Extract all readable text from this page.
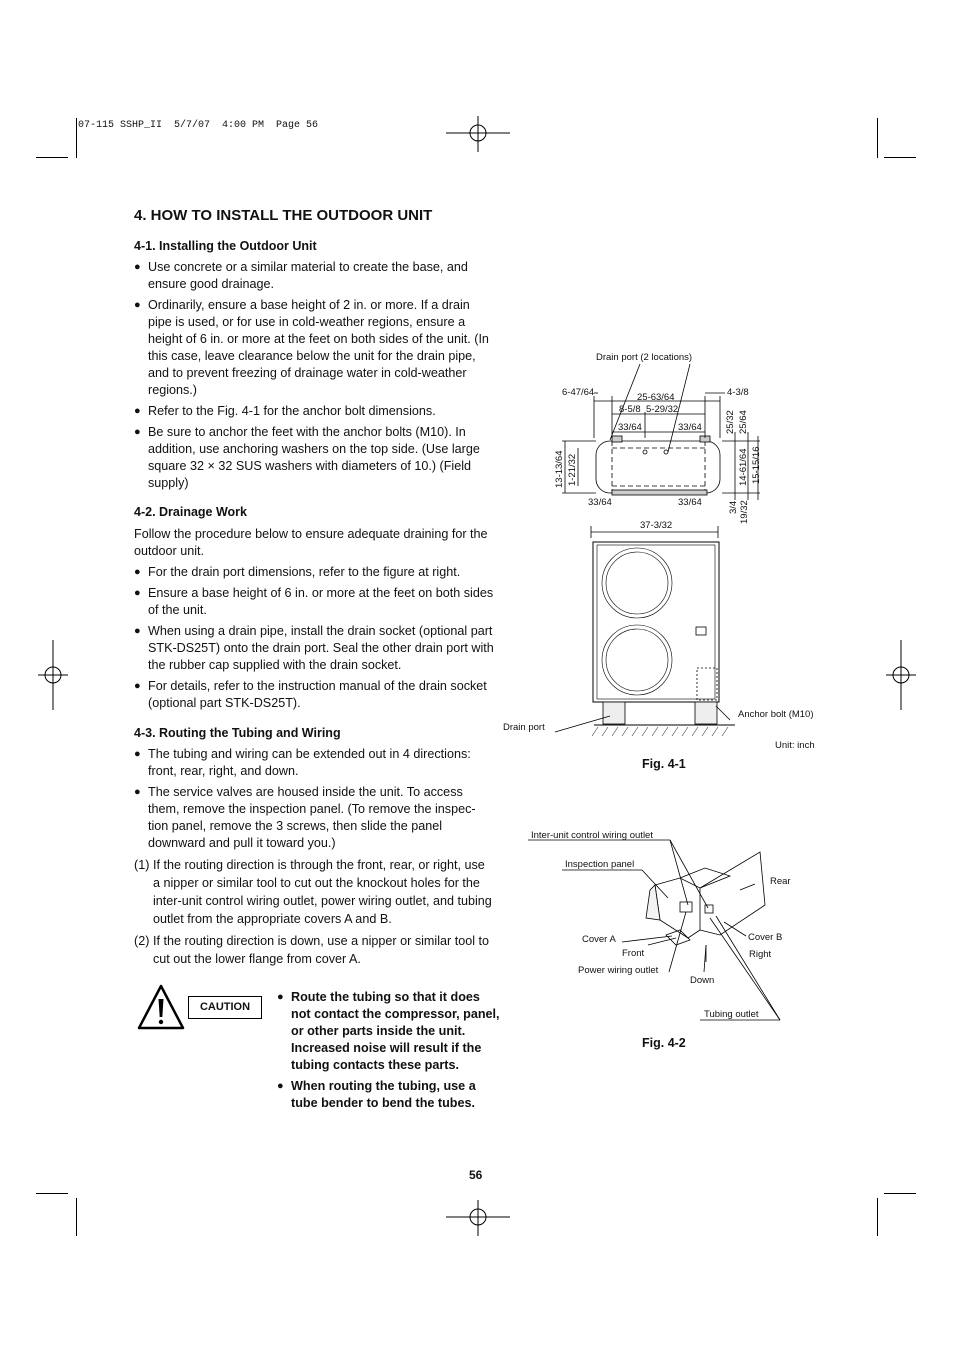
07-115 SSHP_II  5/7/07  4:00 PM  Page 56
4. HOW TO INSTALL THE OUTDOOR UNIT
4-1. Installing the Outdoor Unit

● Use concrete or a similar material to create the base, and ensure good drainage.

● Ordinarily, ensure a base height of 2 in. or more. If a drain pipe is used, or for use in cold-weather regions, ensure a height of 6 in. or more at the feet on both sides of the unit. (In this case, leave clearance below the unit for the drain pipe, and to prevent freezing of drainage water in cold-weather regions.)

● Refer to the Fig. 4-1 for the anchor bolt dimensions.

● Be sure to anchor the feet with the anchor bolts (M10). In addition, use anchoring washers on the top side. (Use large square 32 × 32 SUS washers with diameters of 10.) (Field supply)

4-2. Drainage Work

Follow the procedure below to ensure adequate draining for the outdoor unit.

● For the drain port dimensions, refer to the figure at right.

● Ensure a base height of 6 in. or more at the feet on both sides of the unit.

● When using a drain pipe, install the drain socket (optional part STK-DS25T) onto the drain port. Seal the other drain port with the rubber cap supplied with the drain socket.

● For details, refer to the instruction manual of the drain socket (optional part STK-DS25T).

4-3. Routing the Tubing and Wiring

● The tubing and wiring can be extended out in 4 directions: front, rear, right, and down.

● The service valves are housed inside the unit. To access them, remove the inspection panel. (To remove the inspec-tion panel, remove the 3 screws, then slide the panel downward and pull it toward you.)

(1) If the routing direction is through the front, rear, or right, use a nipper or similar tool to cut out the knockout holes for the inter-unit control wiring outlet, power wiring outlet, and tubing outlet from the appropriate covers A and B.

(2) If the routing direction is down, use a nipper or similar tool to cut out the lower flange from cover A.

CAUTION

● Route the tubing so that it does not contact the compressor, panel, or other parts inside the unit. Increased noise will result if the tubing contacts these parts.

● When routing the tubing, use a tube bender to bend the tubes.

Drain port (2 locations)
6-47/64	25-63/64	4-3/8
8-5/8 5-29/32
33/64	33/64
33/64	33/64
37-3/32
13-13/64 1-21/32
25/32 25/64
14-61/64 15-15/16
3/4 19/32
Drain port
Anchor bolt (M10)
Unit: inch
Fig. 4-1
Inter-unit control wiring outlet
Inspection panel
Rear
Cover A
Front
Power wiring outlet
Cover B
Right
Down
Tubing outlet
Fig. 4-2
56
